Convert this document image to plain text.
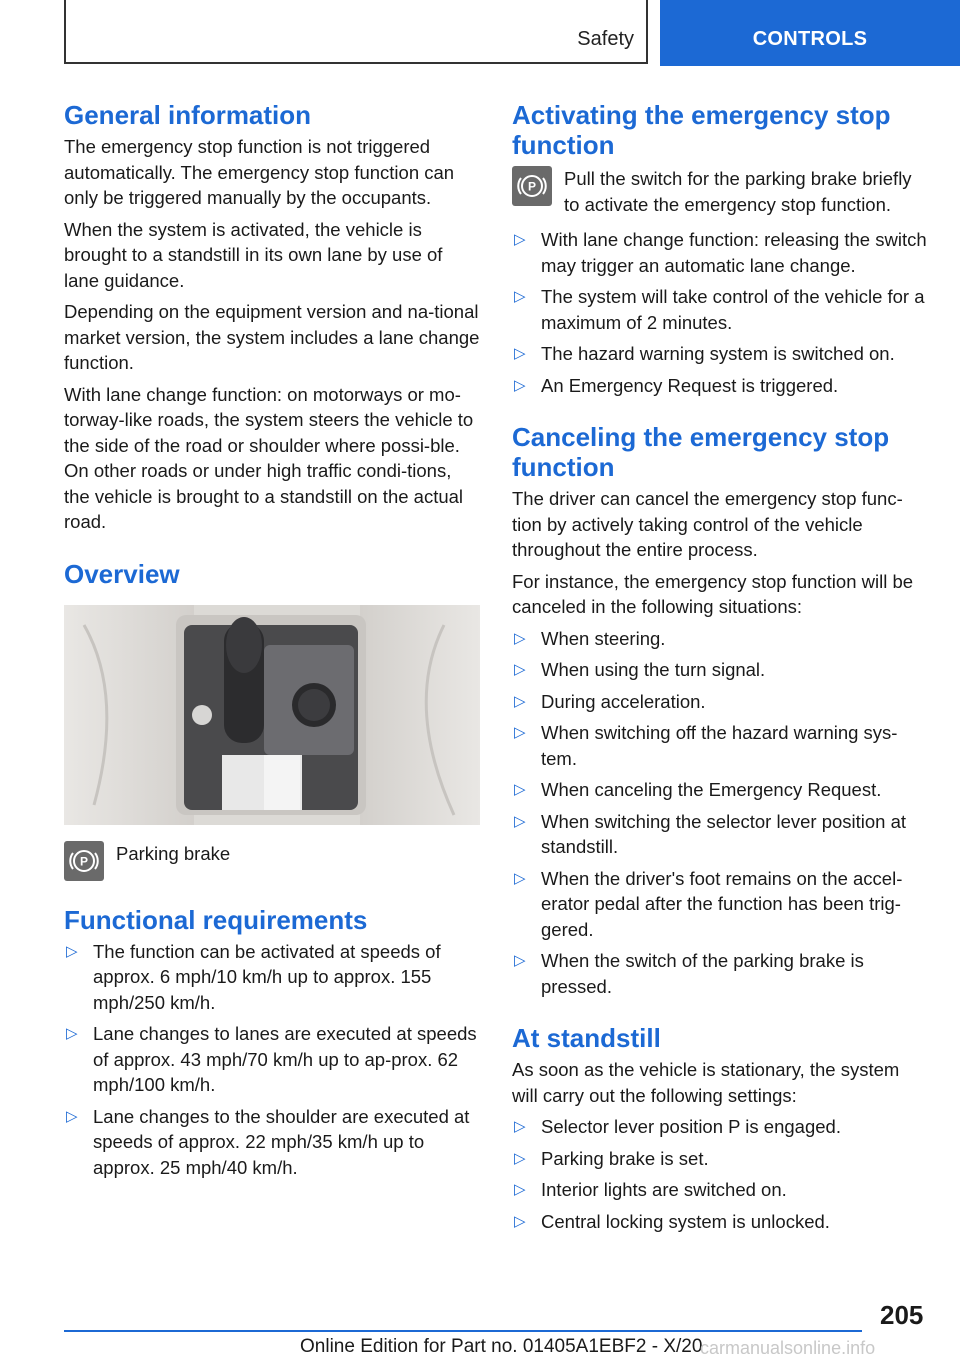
Safety	CONTROLS
General information

The emergency stop function is not triggered automatically. The emergency stop function can only be triggered manually by the occupants.

When the system is activated, the vehicle is brought to a standstill in its own lane by use of lane guidance.

Depending on the equipment version and na-tional market version, the system includes a lane change function.

With lane change function: on motorways or mo-torway-like roads, the system steers the vehicle to the side of the road or shoulder where possi-ble. On other roads or under high traffic condi-tions, the vehicle is brought to a standstill on the actual road.

Overview
P Parking brake
Functional requirements
▷ The function can be activated at speeds of approx. 6 mph/10 km/h up to approx. 155 mph/250 km/h.
▷ Lane changes to lanes are executed at speeds of approx. 43 mph/70 km/h up to ap-prox. 62 mph/100 km/h.
▷ Lane changes to the shoulder are executed at speeds of approx. 22 mph/35 km/h up to approx. 25 mph/40 km/h.
Activating the emergency stop function
P Pull the switch for the parking brake briefly to activate the emergency stop function.
▷ With lane change function: releasing the switch may trigger an automatic lane change.
▷ The system will take control of the vehicle for a maximum of 2 minutes.
▷ The hazard warning system is switched on.
▷ An Emergency Request is triggered.
Canceling the emergency stop function

The driver can cancel the emergency stop func-tion by actively taking control of the vehicle throughout the entire process.

For instance, the emergency stop function will be canceled in the following situations:

▷ When steering.
▷ When using the turn signal.
▷ During acceleration.
▷ When switching off the hazard warning sys-tem.
▷ When canceling the Emergency Request.
▷ When switching the selector lever position at standstill.
▷ When the driver's foot remains on the accel-erator pedal after the function has been trig-gered.
▷ When the switch of the parking brake is pressed.
At standstill

As soon as the vehicle is stationary, the system will carry out the following settings:

▷ Selector lever position P is engaged.
▷ Parking brake is set.
▷ Interior lights are switched on.
▷ Central locking system is unlocked.
205
Online Edition for Part no. 01405A1EBF2 - X/20
carmanualsonline.info
